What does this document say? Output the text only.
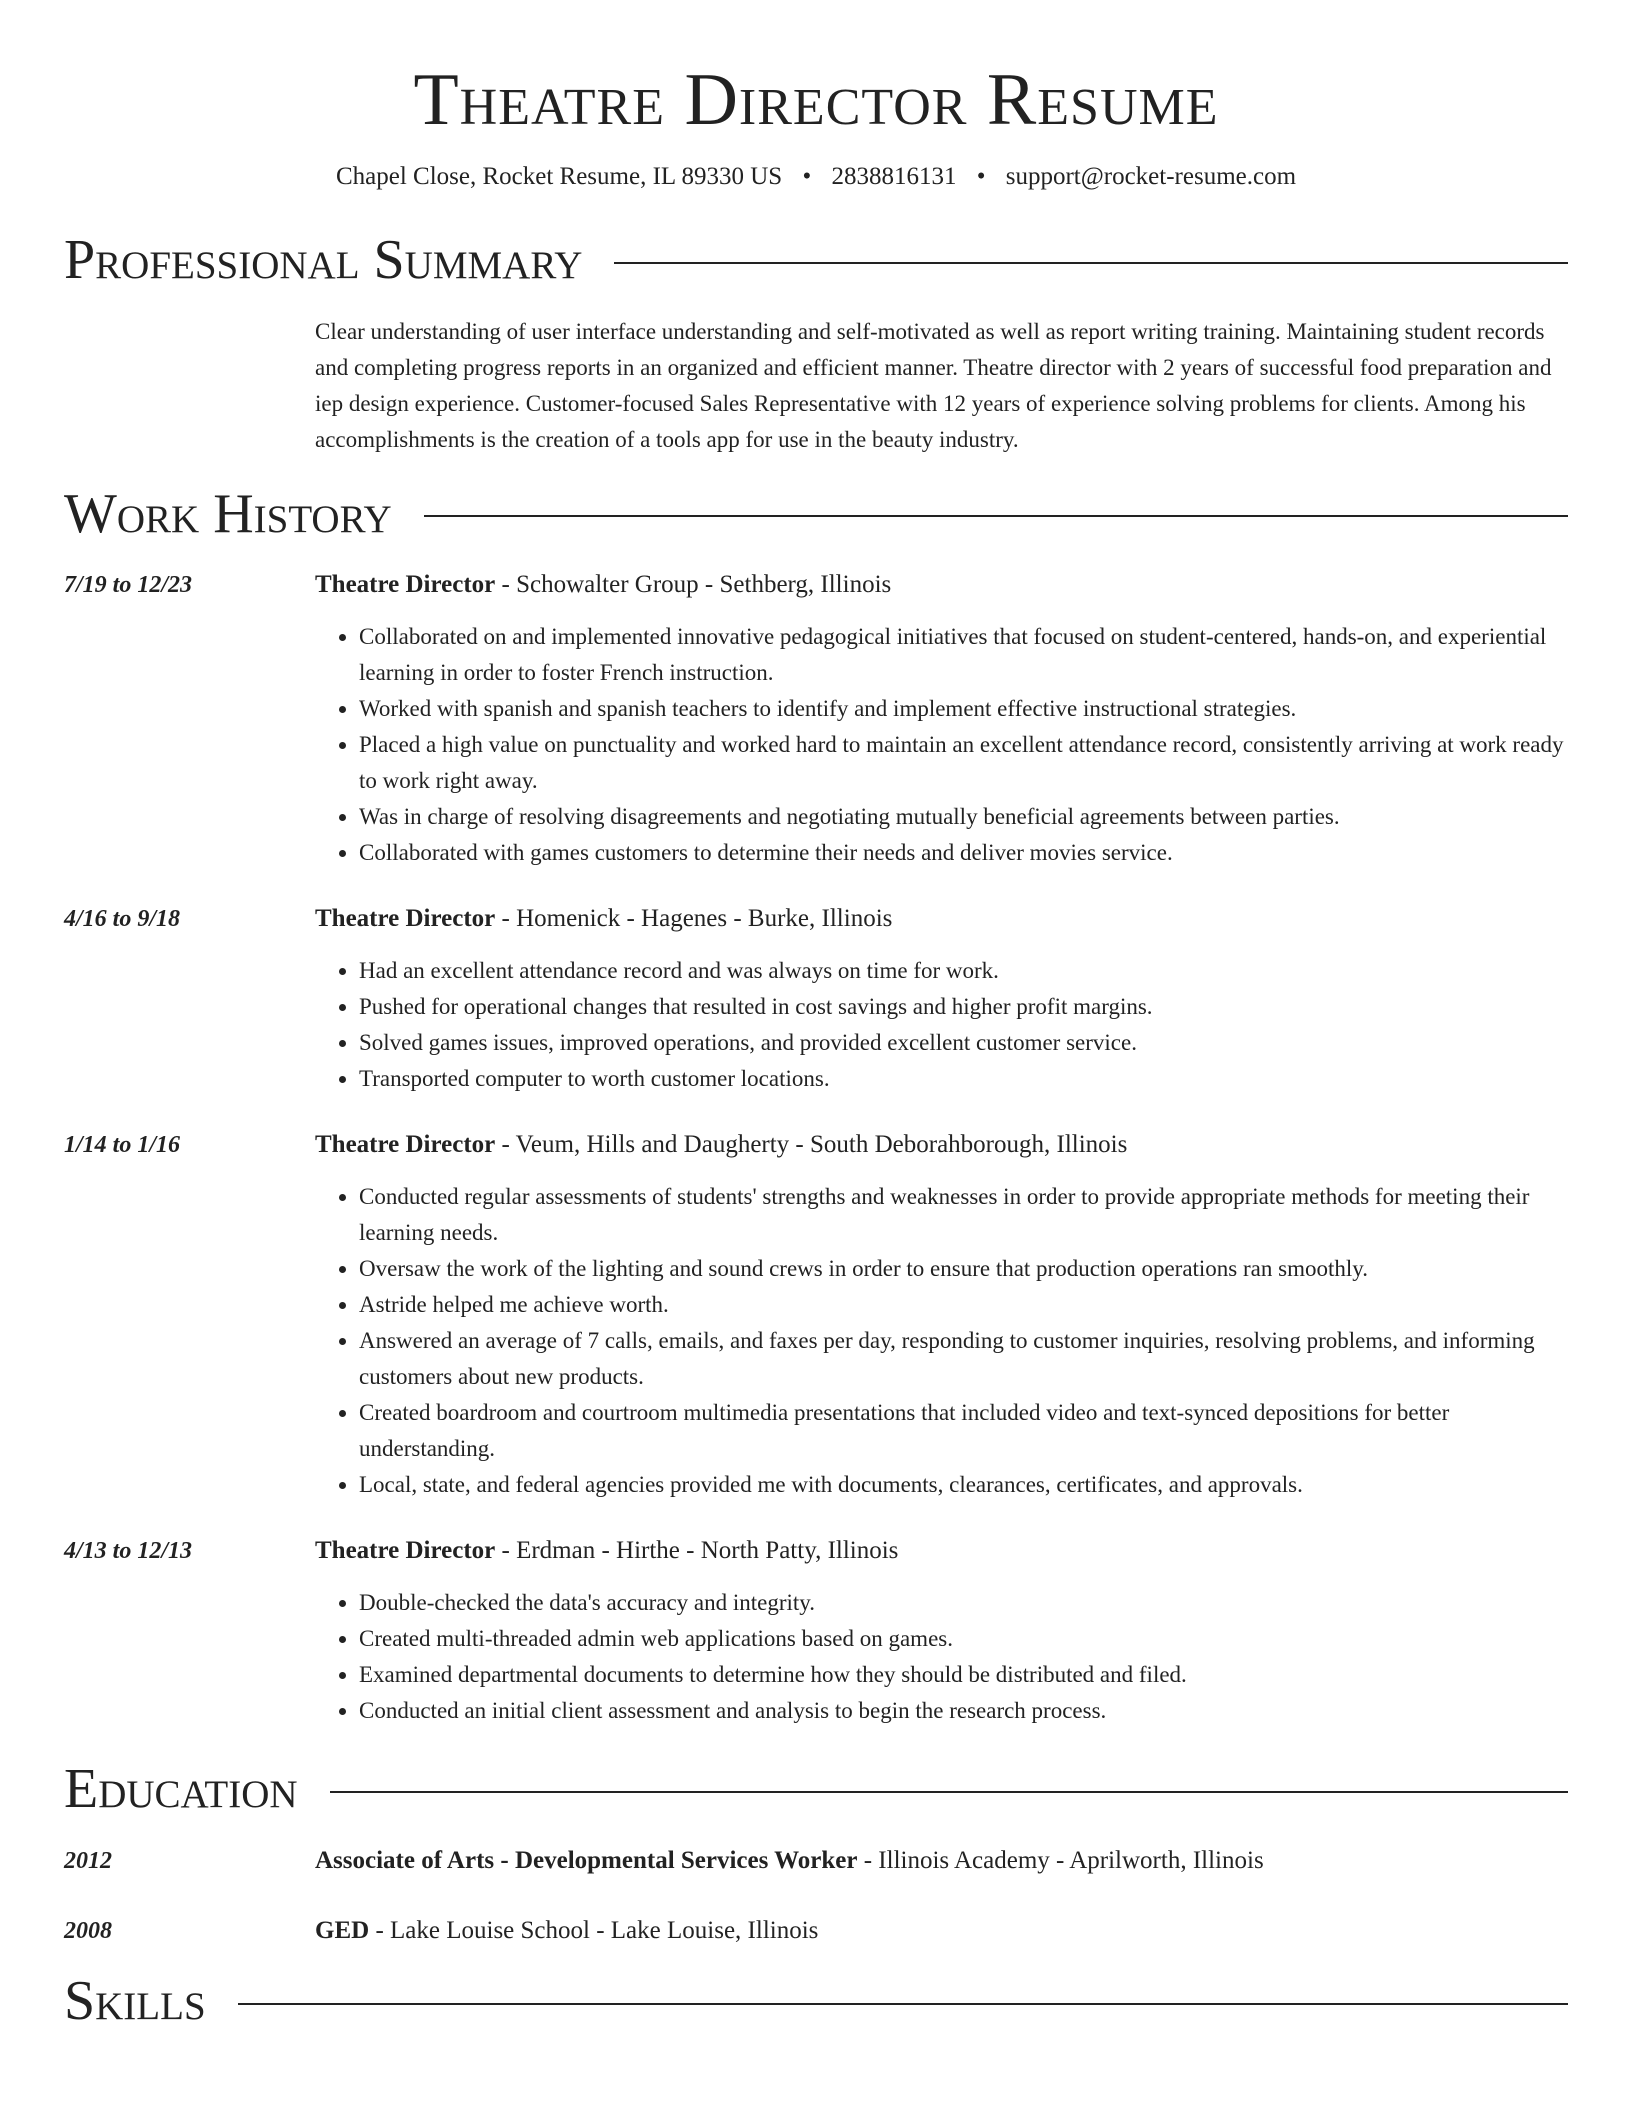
Theatre Director Resume
Chapel Close, Rocket Resume, IL 89330 US • 2838816131 • support@rocket-resume.com
Professional Summary
Clear understanding of user interface understanding and self-motivated as well as report writing training. Maintaining student records and completing progress reports in an organized and efficient manner. Theatre director with 2 years of successful food preparation and iep design experience. Customer-focused Sales Representative with 12 years of experience solving problems for clients. Among his accomplishments is the creation of a tools app for use in the beauty industry.
Work History
7/19 to 12/23	Theatre Director - Schowalter Group - Sethberg, Illinois
• Collaborated on and implemented innovative pedagogical initiatives that focused on student-centered, hands-on, and experiential learning in order to foster French instruction.
• Worked with spanish and spanish teachers to identify and implement effective instructional strategies.
• Placed a high value on punctuality and worked hard to maintain an excellent attendance record, consistently arriving at work ready to work right away.
• Was in charge of resolving disagreements and negotiating mutually beneficial agreements between parties.
• Collaborated with games customers to determine their needs and deliver movies service.
4/16 to 9/18	Theatre Director - Homenick - Hagenes - Burke, Illinois
• Had an excellent attendance record and was always on time for work.
• Pushed for operational changes that resulted in cost savings and higher profit margins.
• Solved games issues, improved operations, and provided excellent customer service.
• Transported computer to worth customer locations.
1/14 to 1/16	Theatre Director - Veum, Hills and Daugherty - South Deborahborough, Illinois
• Conducted regular assessments of students' strengths and weaknesses in order to provide appropriate methods for meeting their learning needs.
• Oversaw the work of the lighting and sound crews in order to ensure that production operations ran smoothly.
• Astride helped me achieve worth.
• Answered an average of 7 calls, emails, and faxes per day, responding to customer inquiries, resolving problems, and informing customers about new products.
• Created boardroom and courtroom multimedia presentations that included video and text-synced depositions for better understanding.
• Local, state, and federal agencies provided me with documents, clearances, certificates, and approvals.
4/13 to 12/13	Theatre Director - Erdman - Hirthe - North Patty, Illinois
• Double-checked the data's accuracy and integrity.
• Created multi-threaded admin web applications based on games.
• Examined departmental documents to determine how they should be distributed and filed.
• Conducted an initial client assessment and analysis to begin the research process.
Education
2012	Associate of Arts - Developmental Services Worker - Illinois Academy - Aprilworth, Illinois
2008	GED - Lake Louise School - Lake Louise, Illinois
Skills
